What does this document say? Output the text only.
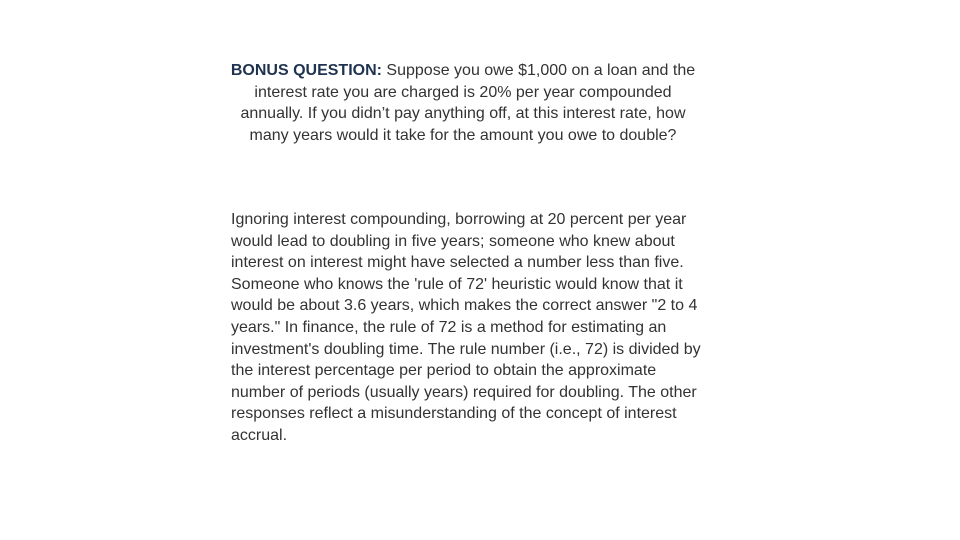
BONUS QUESTION: Suppose you owe $1,000 on a loan and the interest rate you are charged is 20% per year compounded annually. If you didn’t pay anything off, at this interest rate, how many years would it take for the amount you owe to double?
Ignoring interest compounding, borrowing at 20 percent per year would lead to doubling in five years; someone who knew about interest on interest might have selected a number less than five. Someone who knows the 'rule of 72' heuristic would know that it would be about 3.6 years, which makes the correct answer "2 to 4 years." In finance, the rule of 72 is a method for estimating an investment's doubling time. The rule number (i.e., 72) is divided by the interest percentage per period to obtain the approximate number of periods (usually years) required for doubling. The other responses reflect a misunderstanding of the concept of interest accrual.
